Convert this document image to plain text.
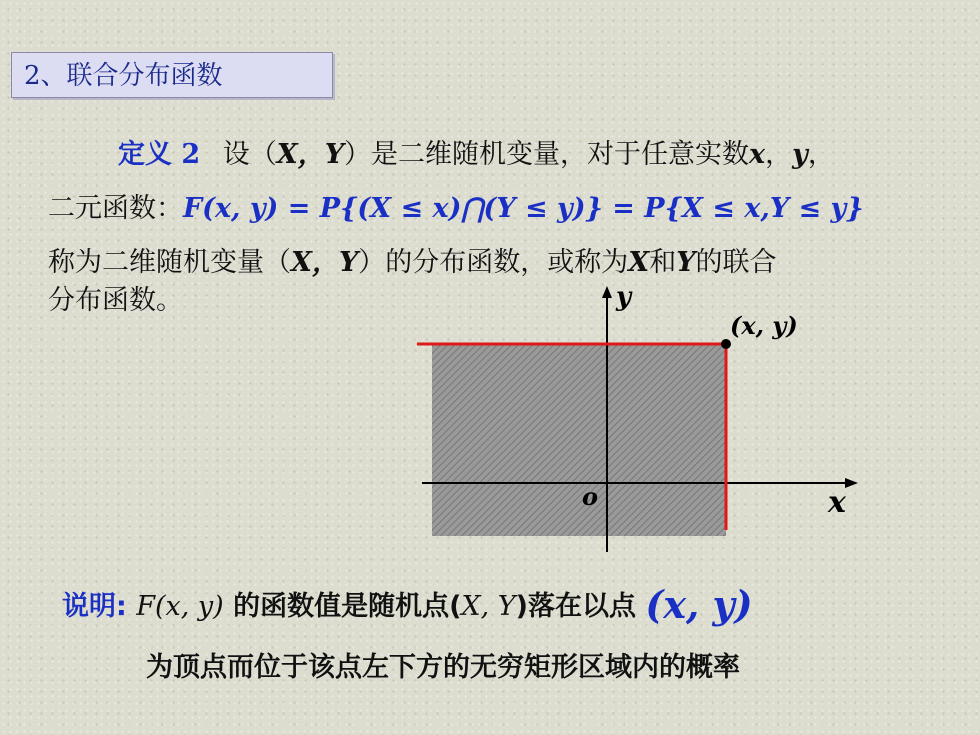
2、联合分布函数
定义 2 设（X，Y）是二维随机变量，对于任意实数x，y，
二元函数：F(x, y) = P{(X ≤ x)⋂(Y ≤ y)} = P{X ≤ x,Y ≤ y}
称为二维随机变量（X，Y）的分布函数，或称为X和Y的联合
分布函数。	y
x
o
(x, y)
说明: F(x, y) 的函数值是随机点(X, Y)落在以点 (x, y)
为顶点而位于该点左下方的无穷矩形区域内的概率
